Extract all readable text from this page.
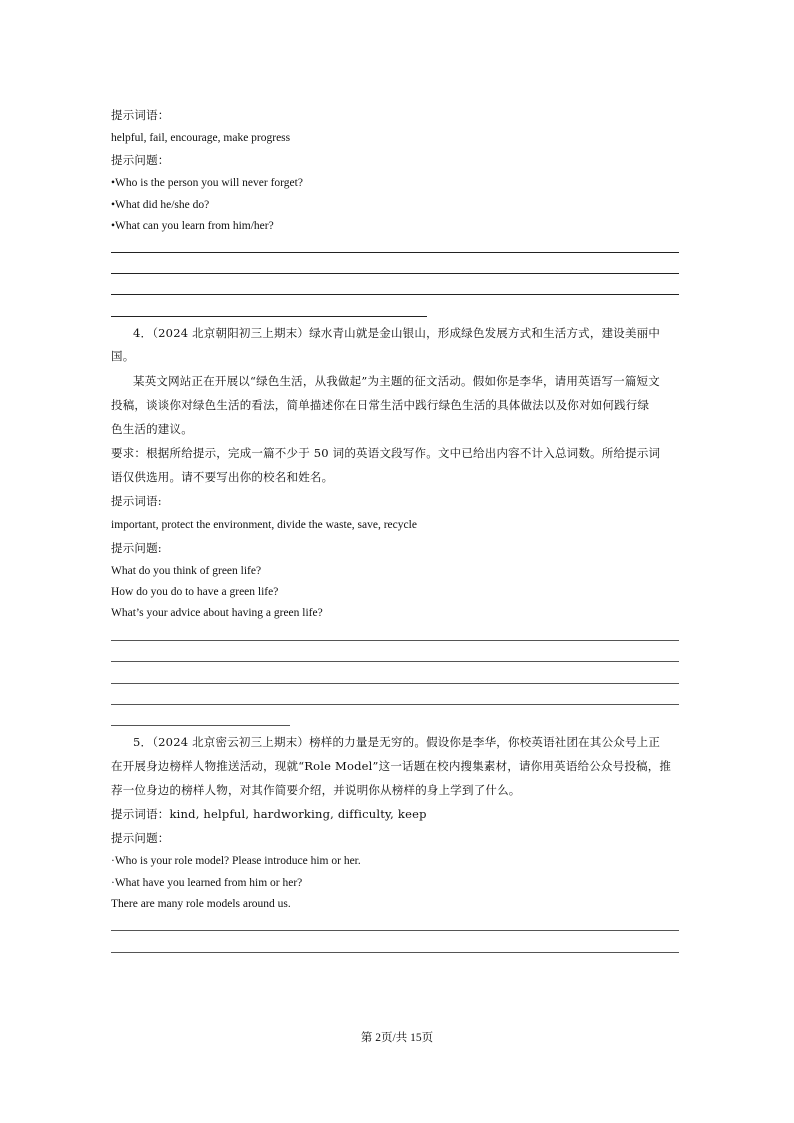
提示词语：
helpful, fail, encourage, make progress
提示问题：
•Who is the person you will never forget?
•What did he/she do?
•What can you learn from him/her?
4．（2024 北京朝阳初三上期末）绿水青山就是金山银山，形成绿色发展方式和生活方式，建设美丽中
国。
某英文网站正在开展以“绿色生活，从我做起”为主题的征文活动。假如你是李华，请用英语写一篇短文
投稿，谈谈你对绿色生活的看法，简单描述你在日常生活中践行绿色生活的具体做法以及你对如何践行绿
色生活的建议。
要求：根据所给提示，完成一篇不少于 50 词的英语文段写作。文中已给出内容不计入总词数。所给提示词
语仅供选用。请不要写出你的校名和姓名。
提示词语:
important, protect the environment, divide the waste, save, recycle
提示问题:
What do you think of green life?
How do you do to have a green life?
What’s your advice about having a green life?
5．（2024 北京密云初三上期末）榜样的力量是无穷的。假设你是李华，你校英语社团在其公众号上正
在开展身边榜样人物推送活动，现就“Role Model”这一话题在校内搜集素材，请你用英语给公众号投稿，推
荐一位身边的榜样人物，对其作简要介绍，并说明你从榜样的身上学到了什么。
提示词语：kind, helpful, hardworking, difficulty, keep
提示问题：
·Who is your role model? Please introduce him or her.
·What have you learned from him or her?
There are many role models around us.
第 2页/共 15页
